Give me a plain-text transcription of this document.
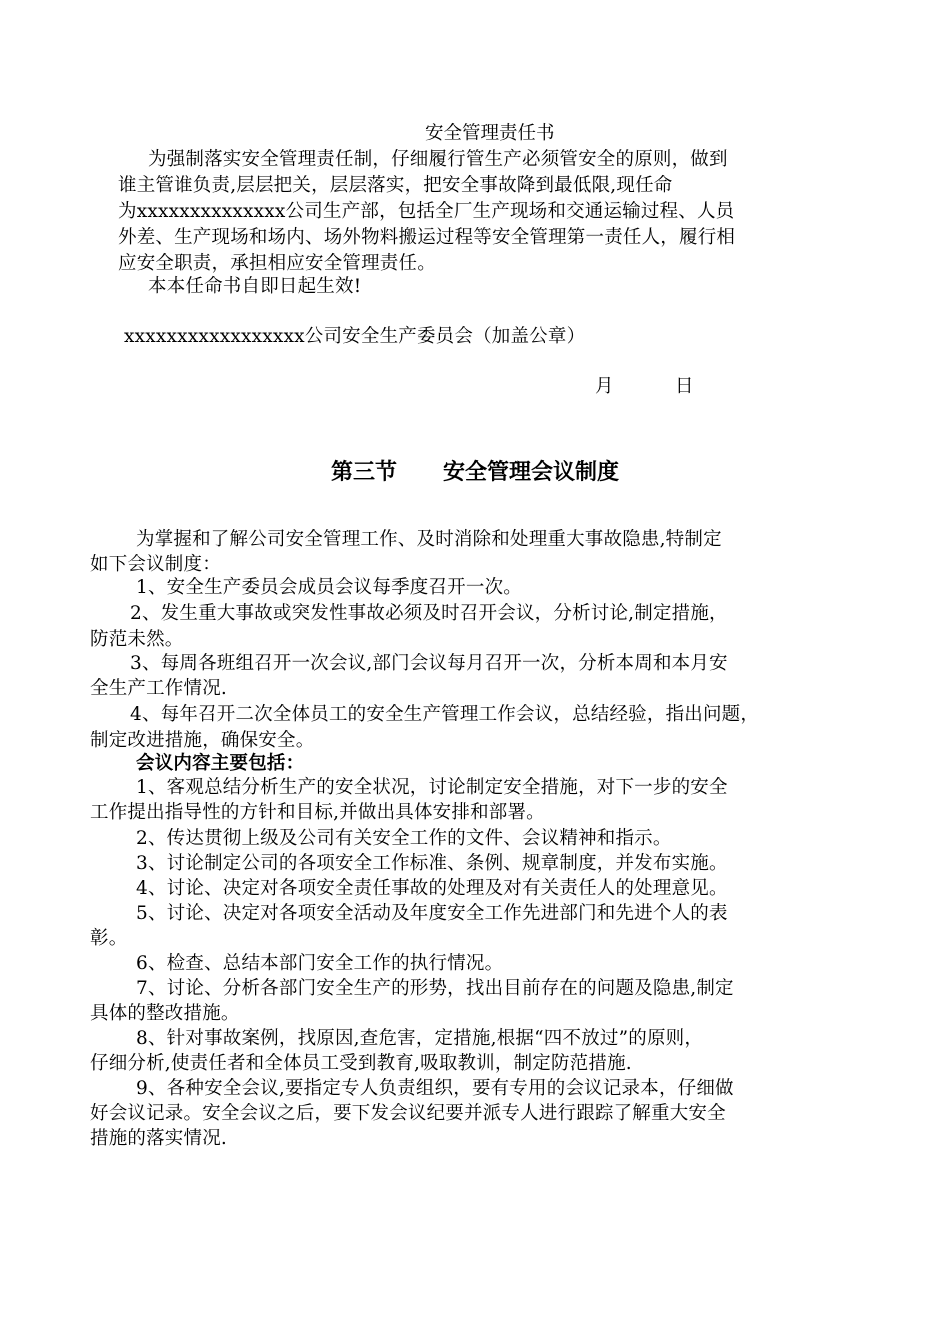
安全管理责任书
为强制落实安全管理责任制，仔细履行管生产必须管安全的原则，做到
谁主管谁负责,层层把关，层层落实，把安全事故降到最低限,现任命
为xxxxxxxxxxxxxx公司生产部，包括全厂生产现场和交通运输过程、人员
外差、生产现场和场内、场外物料搬运过程等安全管理第一责任人，履行相
应安全职责，承担相应安全管理责任。
本本任命书自即日起生效!
xxxxxxxxxxxxxxxxx公司安全生产委员会（加盖公章）
月	日
第三节      安全管理会议制度
为掌握和了解公司安全管理工作、及时消除和处理重大事故隐患,特制定
如下会议制度：
1、安全生产委员会成员会议每季度召开一次。
2、发生重大事故或突发性事故必须及时召开会议，分析讨论,制定措施，
防范未然。
3、每周各班组召开一次会议,部门会议每月召开一次，分析本周和本月安
全生产工作情况.
4、每年召开二次全体员工的安全生产管理工作会议，总结经验，指出问题，
制定改进措施，确保安全。
会议内容主要包括：
1、客观总结分析生产的安全状况，讨论制定安全措施，对下一步的安全
工作提出指导性的方针和目标,并做出具体安排和部署。
2、传达贯彻上级及公司有关安全工作的文件、会议精神和指示。
3、讨论制定公司的各项安全工作标准、条例、规章制度，并发布实施。
4、讨论、决定对各项安全责任事故的处理及对有关责任人的处理意见。
5、讨论、决定对各项安全活动及年度安全工作先进部门和先进个人的表
彰。
6、检查、总结本部门安全工作的执行情况。
7、讨论、分析各部门安全生产的形势，找出目前存在的问题及隐患,制定
具体的整改措施。
8、针对事故案例，找原因,查危害，定措施,根据“四不放过”的原则，
仔细分析,使责任者和全体员工受到教育,吸取教训，制定防范措施.
9、各种安全会议,要指定专人负责组织，要有专用的会议记录本，仔细做
好会议记录。安全会议之后，要下发会议纪要并派专人进行跟踪了解重大安全
措施的落实情况.
